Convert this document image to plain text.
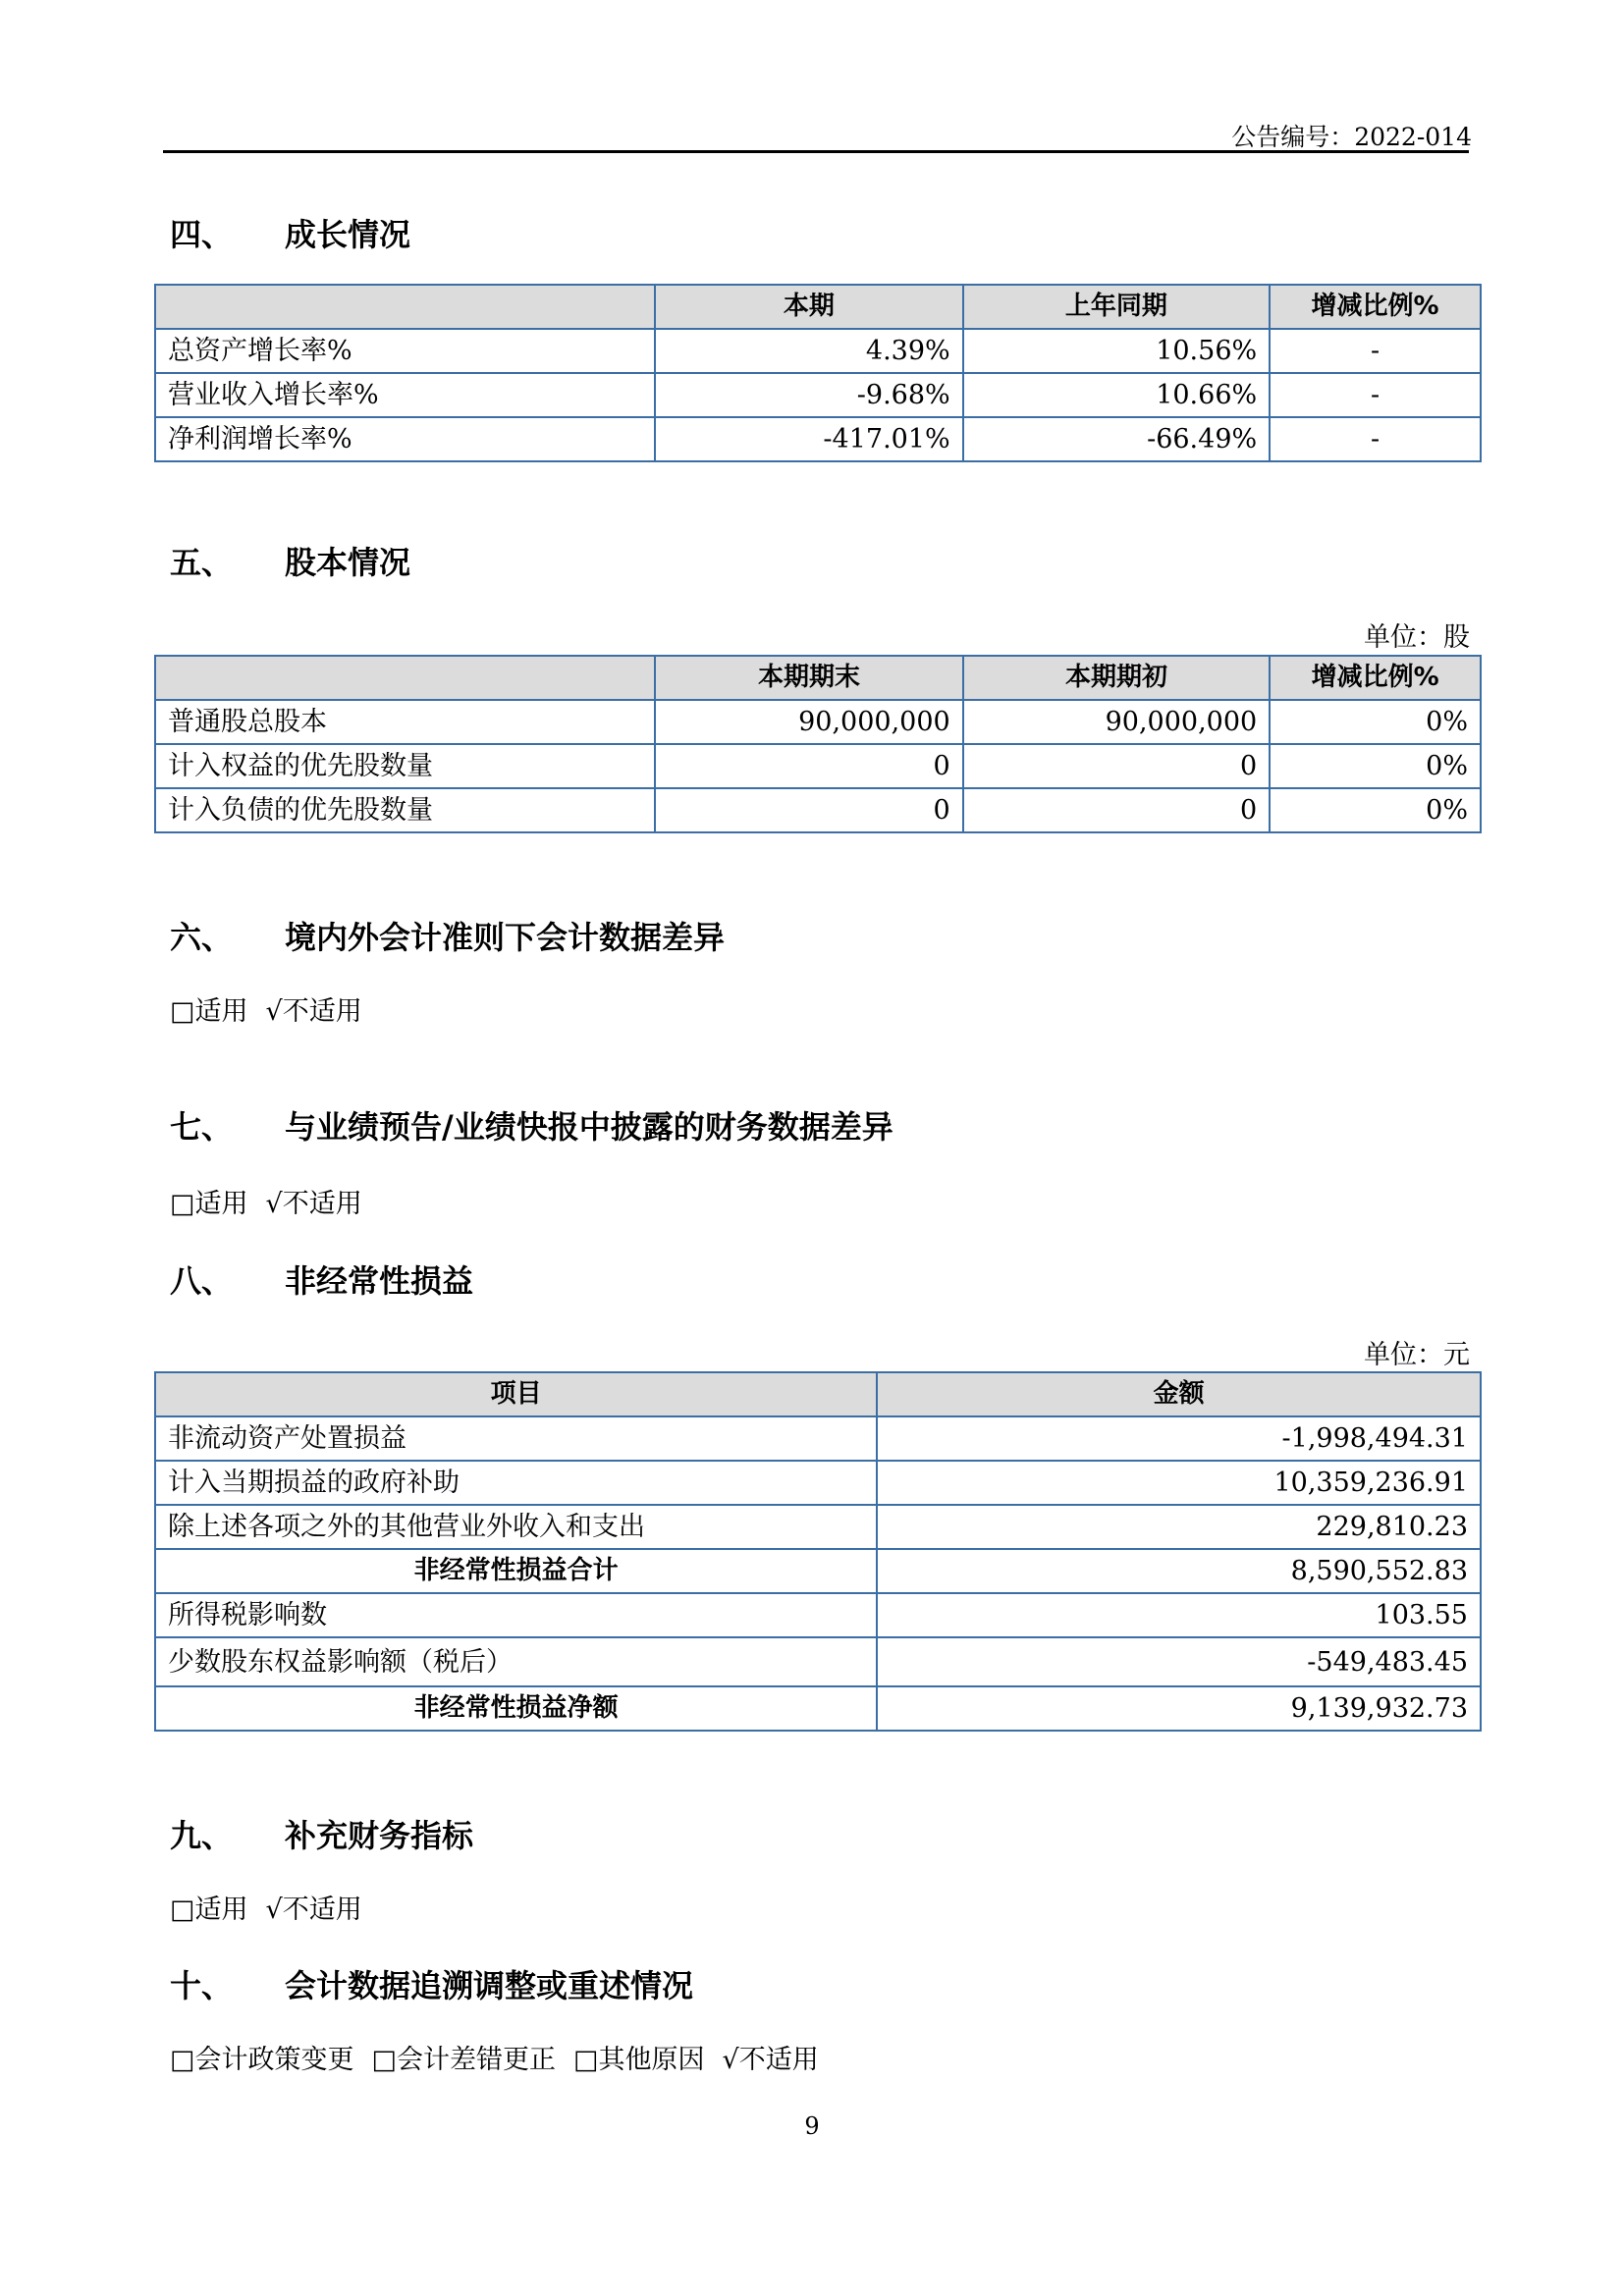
公告编号：2022-014
四、 成长情况
	本期	上年同期	增减比例%
总资产增长率%	4.39%	10.56%	-
营业收入增长率%	-9.68%	10.66%	-
净利润增长率%	-417.01%	-66.49%	-
五、 股本情况
单位：股
	本期期末	本期期初	增减比例%
普通股总股本	90,000,000	90,000,000	0%
计入权益的优先股数量	0	0	0%
计入负债的优先股数量	0	0	0%
六、 境内外会计准则下会计数据差异
□适用 √不适用
七、 与业绩预告/业绩快报中披露的财务数据差异
□适用 √不适用
八、 非经常性损益
单位：元
项目	金额
非流动资产处置损益	-1,998,494.31
计入当期损益的政府补助	10,359,236.91
除上述各项之外的其他营业外收入和支出	229,810.23
非经常性损益合计	8,590,552.83
所得税影响数	103.55
少数股东权益影响额（税后）	-549,483.45
非经常性损益净额	9,139,932.73
九、 补充财务指标
□适用 √不适用
十、 会计数据追溯调整或重述情况
□会计政策变更 □会计差错更正 □其他原因 √不适用
9
